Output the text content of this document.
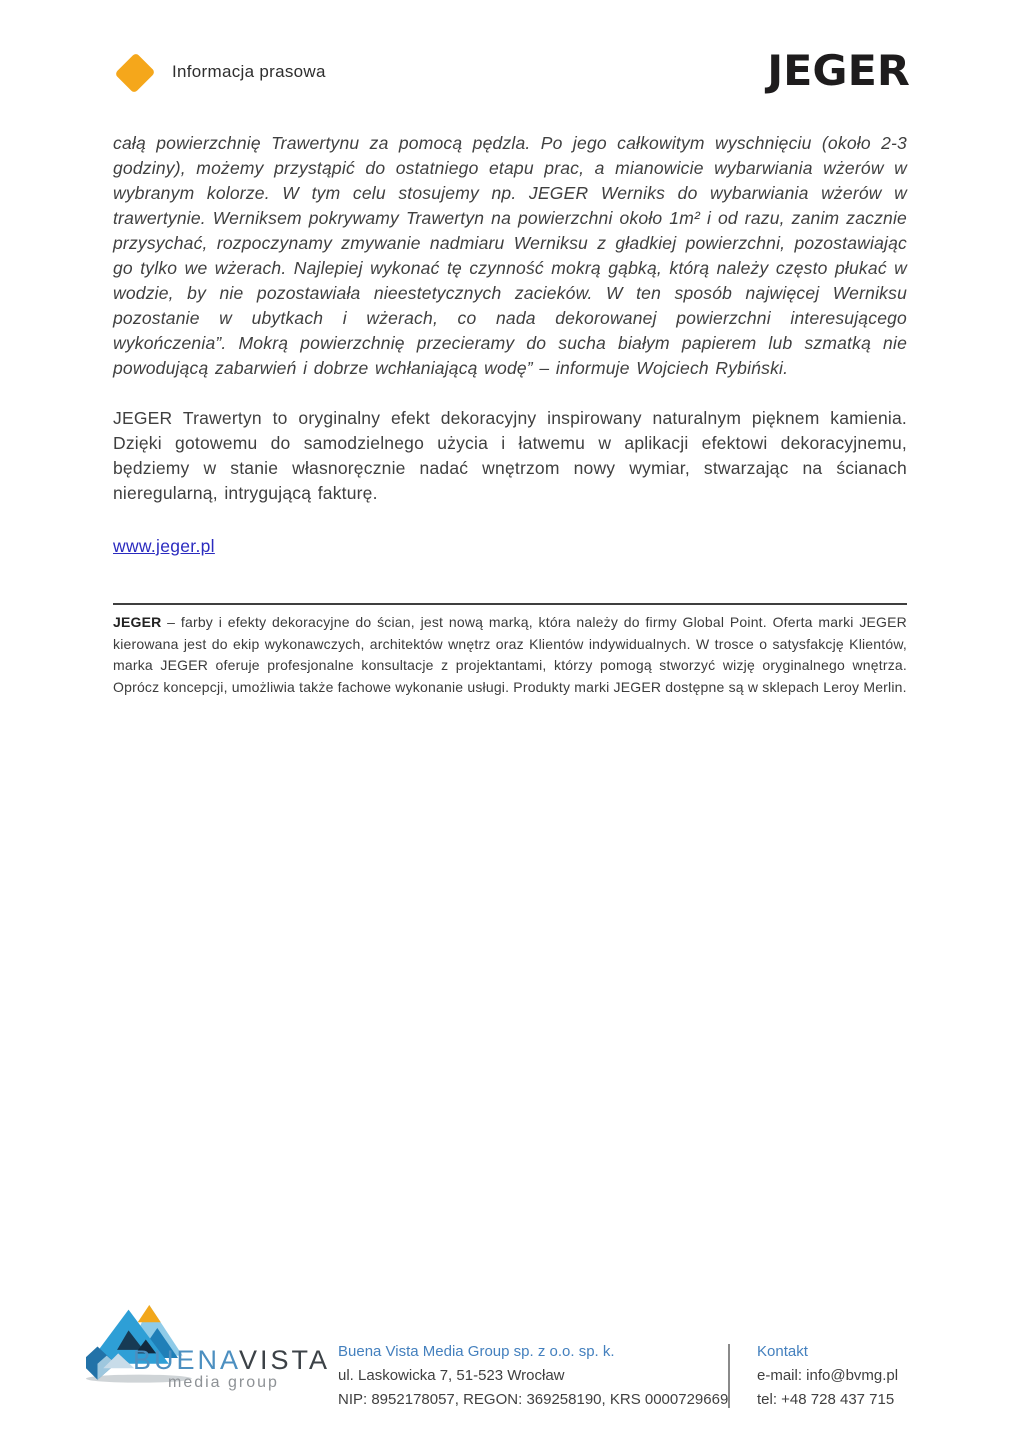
Informacja prasowa	JEGER

całą powierzchnię Trawertynu za pomocą pędzla. Po jego całkowitym wyschnięciu (około 2-3 godziny), możemy przystąpić do ostatniego etapu prac, a mianowicie wybarwiania wżerów w wybranym kolorze. W tym celu stosujemy np. JEGER Werniks do wybarwiania wżerów w trawertynie. Werniksem pokrywamy Trawertyn na powierzchni około 1m² i od razu, zanim zacznie przysychać, rozpoczynamy zmywanie nadmiaru Werniksu z gładkiej powierzchni, pozostawiając go tylko we wżerach. Najlepiej wykonać tę czynność mokrą gąbką, którą należy często płukać w wodzie, by nie pozostawiała nieestetycznych zacieków. W ten sposób najwięcej Werniksu pozostanie w ubytkach i wżerach, co nada dekorowanej powierzchni interesującego wykończenia”. Mokrą powierzchnię przecieramy do sucha białym papierem lub szmatką nie powodującą zabarwień i dobrze wchłaniającą wodę” – informuje Wojciech Rybiński.

JEGER Trawertyn to oryginalny efekt dekoracyjny inspirowany naturalnym pięknem kamienia. Dzięki gotowemu do samodzielnego użycia i łatwemu w aplikacji efektowi dekoracyjnemu, będziemy w stanie własnoręcznie nadać wnętrzom nowy wymiar, stwarzając na ścianach nieregularną, intrygującą fakturę.

www.jeger.pl

JEGER – farby i efekty dekoracyjne do ścian, jest nową marką, która należy do firmy Global Point. Oferta marki JEGER kierowana jest do ekip wykonawczych, architektów wnętrz oraz Klientów indywidualnych. W trosce o satysfakcję Klientów, marka JEGER oferuje profesjonalne konsultacje z projektantami, którzy pomogą stworzyć wizję oryginalnego wnętrza. Oprócz koncepcji, umożliwia także fachowe wykonanie usługi. Produkty marki JEGER dostępne są w sklepach Leroy Merlin.

BUENAVISTA
media group
Buena Vista Media Group sp. z o.o. sp. k.
ul. Laskowicka 7, 51-523 Wrocław
NIP: 8952178057, REGON: 369258190, KRS 0000729669
Kontakt
e-mail: info@bvmg.pl
tel: +48 728 437 715
